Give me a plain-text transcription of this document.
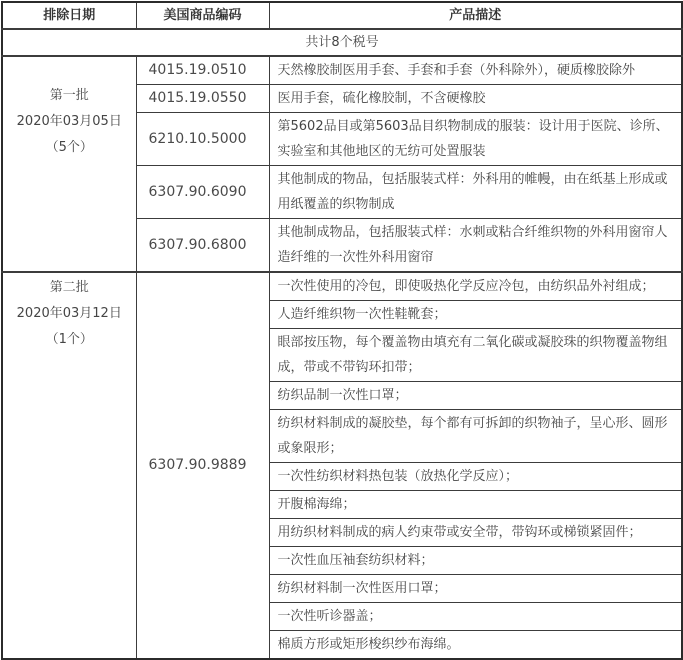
排除日期	美国商品编码	产品描述
共计8个税号		

第一批
2020年03月05日
（5个）	4015.19.0510	天然橡胶制医用手套、手套和手套（外科除外），硬质橡胶除外
	4015.19.0550	医用手套，硫化橡胶制，不含硬橡胶
	6210.10.5000	第5602品目或第5603品目织物制成的服装：设计用于医院、诊所、实验室和其他地区的无纺可处置服装
	6307.90.6090	其他制成的物品，包括服装式样：外科用的帷幔，由在纸基上形成或用纸覆盖的织物制成
	6307.90.6800	其他制成物品，包括服装式样：水刺或粘合纤维织物的外科用窗帘人造纤维的一次性外科用窗帘

第二批
2020年03月12日
（1个）	6307.90.9889	一次性使用的冷包，即使吸热化学反应冷包，由纺织品外衬组成；
		人造纤维织物一次性鞋靴套；
		眼部按压物，每个覆盖物由填充有二氧化碳或凝胶珠的织物覆盖物组成，带或不带钩环扣带；
		纺织品制一次性口罩；
		纺织材料制成的凝胶垫，每个都有可拆卸的织物袖子，呈心形、圆形或象限形；
		一次性纺织材料热包装（放热化学反应）；
		开腹棉海绵；
		用纺织材料制成的病人约束带或安全带，带钩环或梯锁紧固件；
		一次性血压袖套纺织材料；
		纺织材料制一次性医用口罩；
		一次性听诊器盖；
		棉质方形或矩形梭织纱布海绵。
